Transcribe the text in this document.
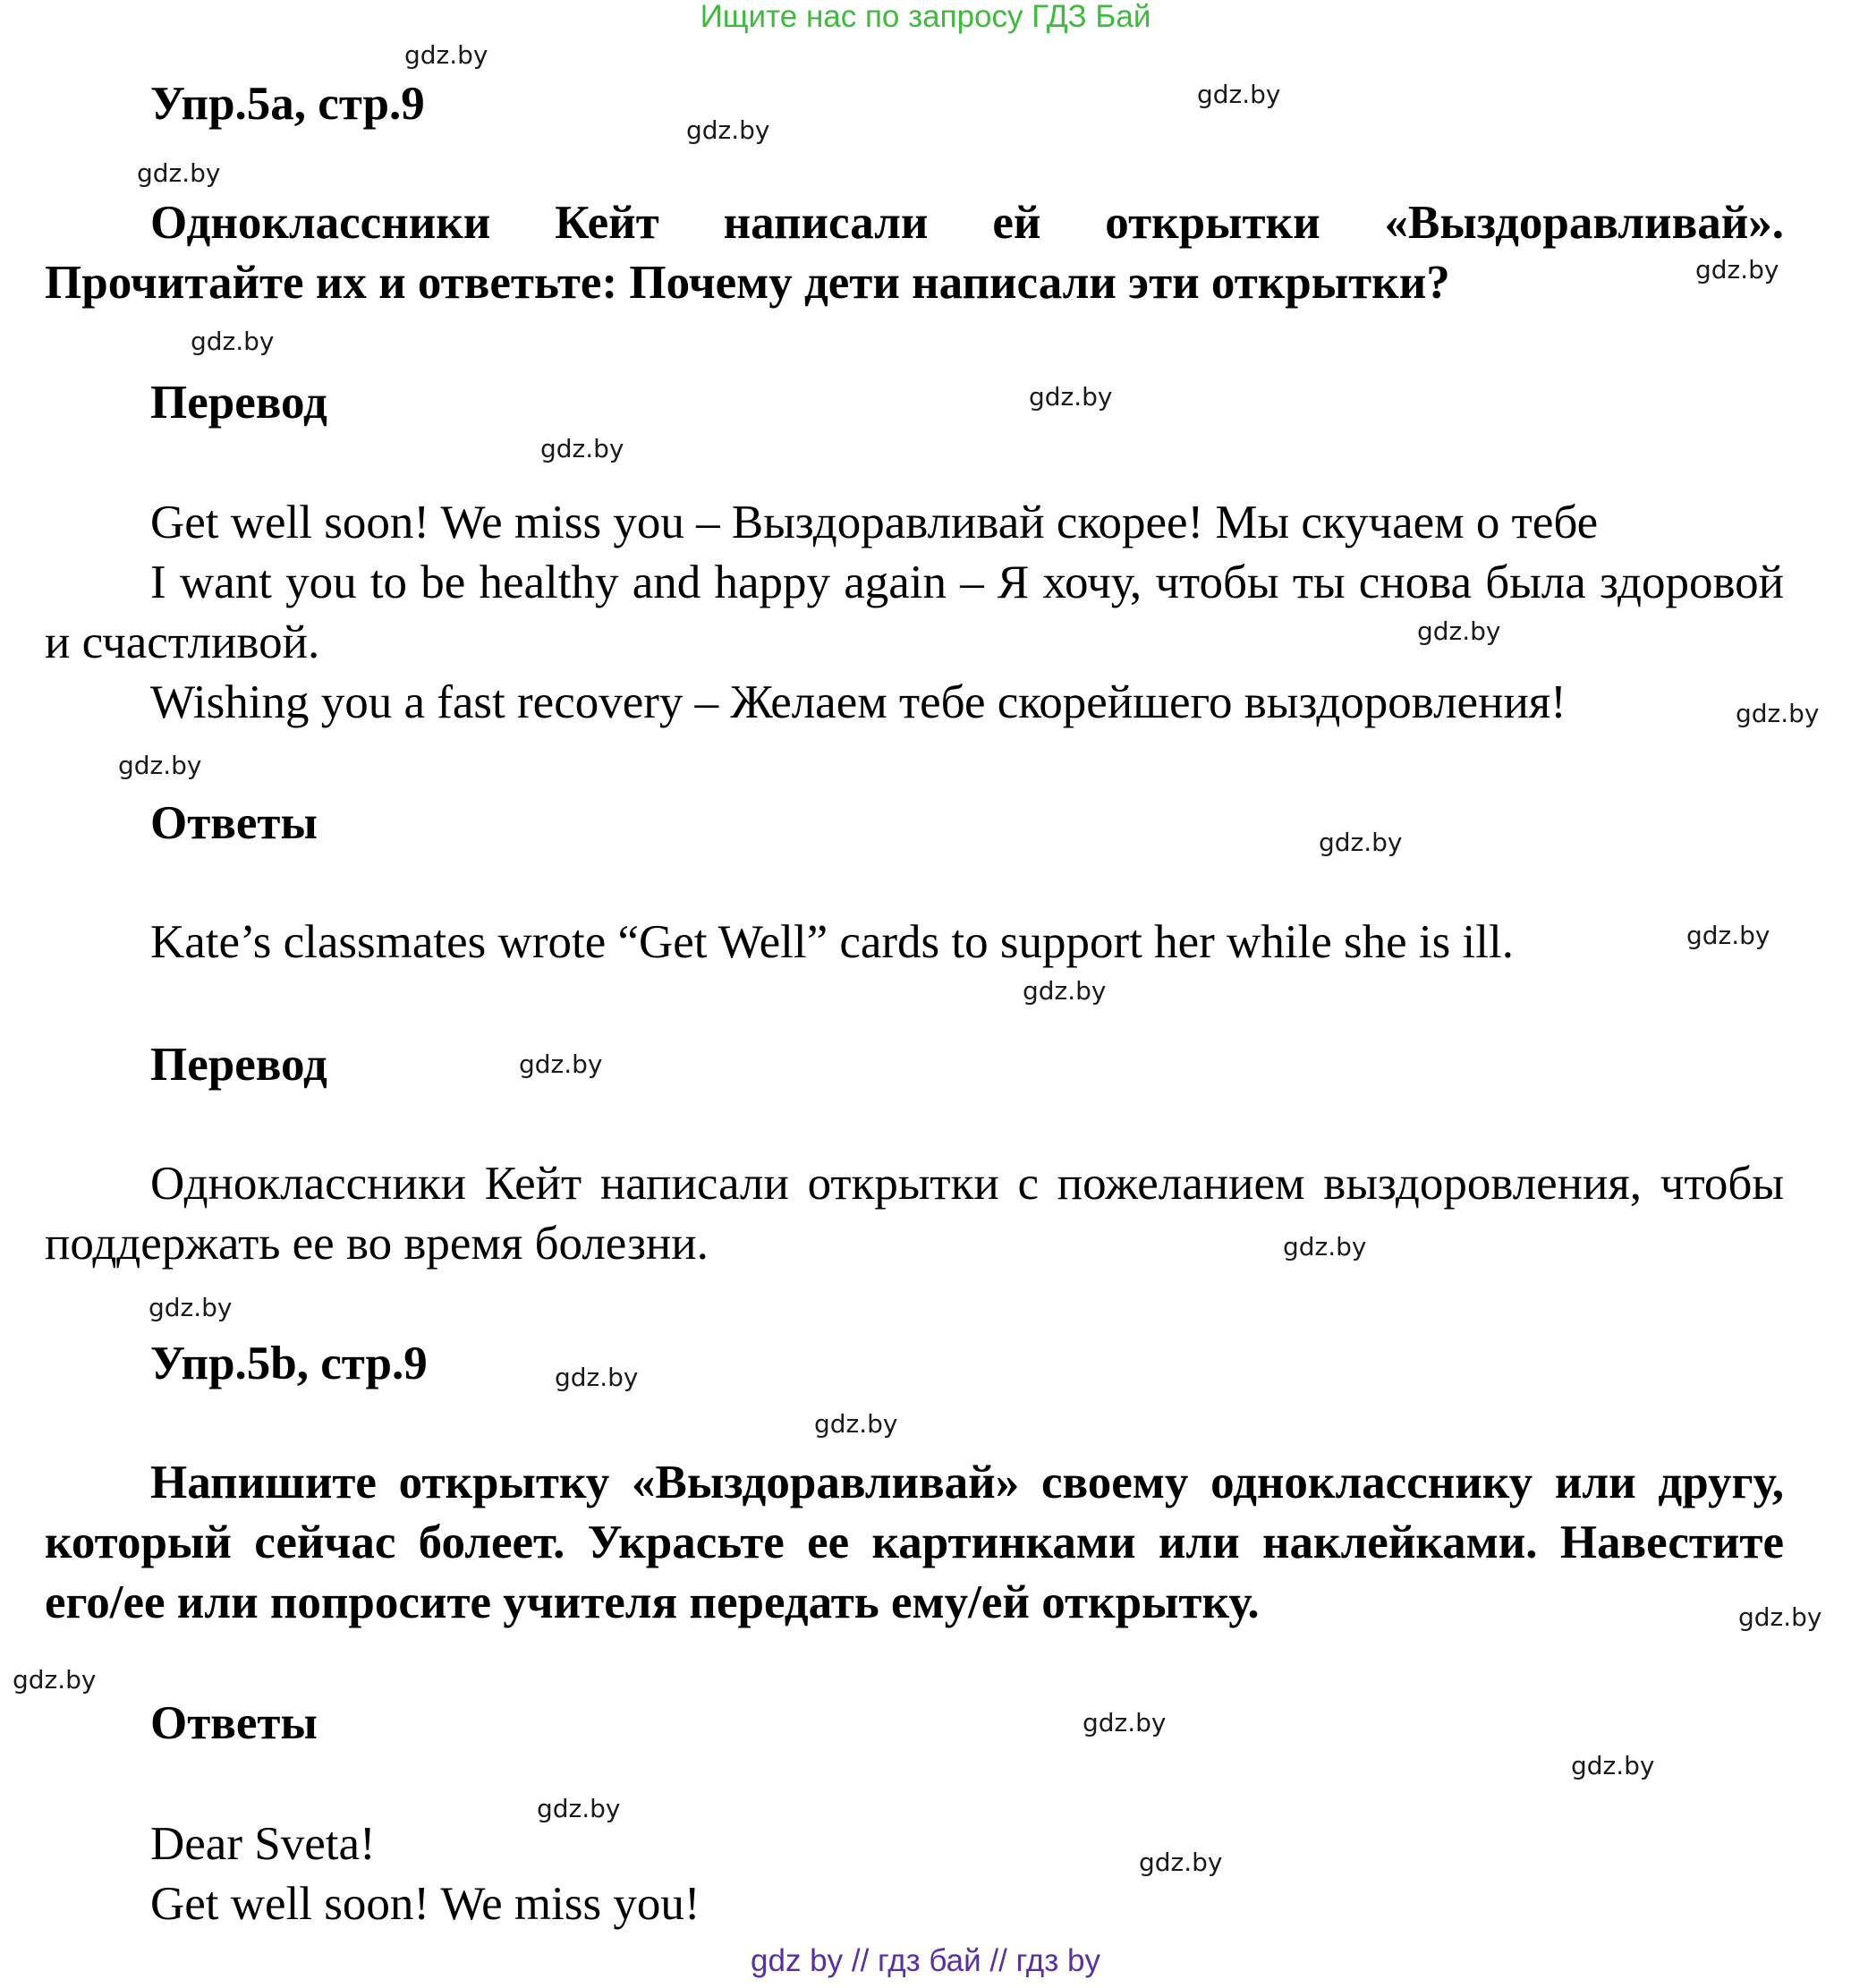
Ищите нас по запросу ГДЗ Бай
Упр.5а, стр.9

Одноклассники Кейт написали ей открытки «Выздоравливай». Прочитайте их и ответьте: Почему дети написали эти открытки?

Перевод

Get well soon! We miss you – Выздоравливай скорее! Мы скучаем о тебе

I want you to be healthy and happy again – Я хочу, чтобы ты снова была здоровой и счастливой.

Wishing you a fast recovery – Желаем тебе скорейшего выздоровления!

Ответы

Kate’s classmates wrote “Get Well” cards to support her while she is ill.

Перевод

Одноклассники Кейт написали открытки с пожеланием выздоровления, чтобы поддержать ее во время болезни.

Упр.5b, стр.9

Напишите открытку «Выздоравливай» своему однокласснику или другу, который сейчас болеет. Украсьте ее картинками или наклейками. Навестите его/ее или попросите учителя передать ему/ей открытку.

Ответы

Dear Sveta!

Get well soon! We miss you!

gdz.by
gdz.by
gdz.by
gdz.by
gdz.by
gdz.by
gdz.by
gdz.by
gdz.by
gdz.by
gdz.by
gdz.by
gdz.by
gdz.by
gdz.by
gdz.by
gdz.by
gdz.by
gdz.by
gdz.by
gdz.by
gdz.by
gdz.by
gdz.by
gdz.by
gdz by // гдз бай // гдз by
